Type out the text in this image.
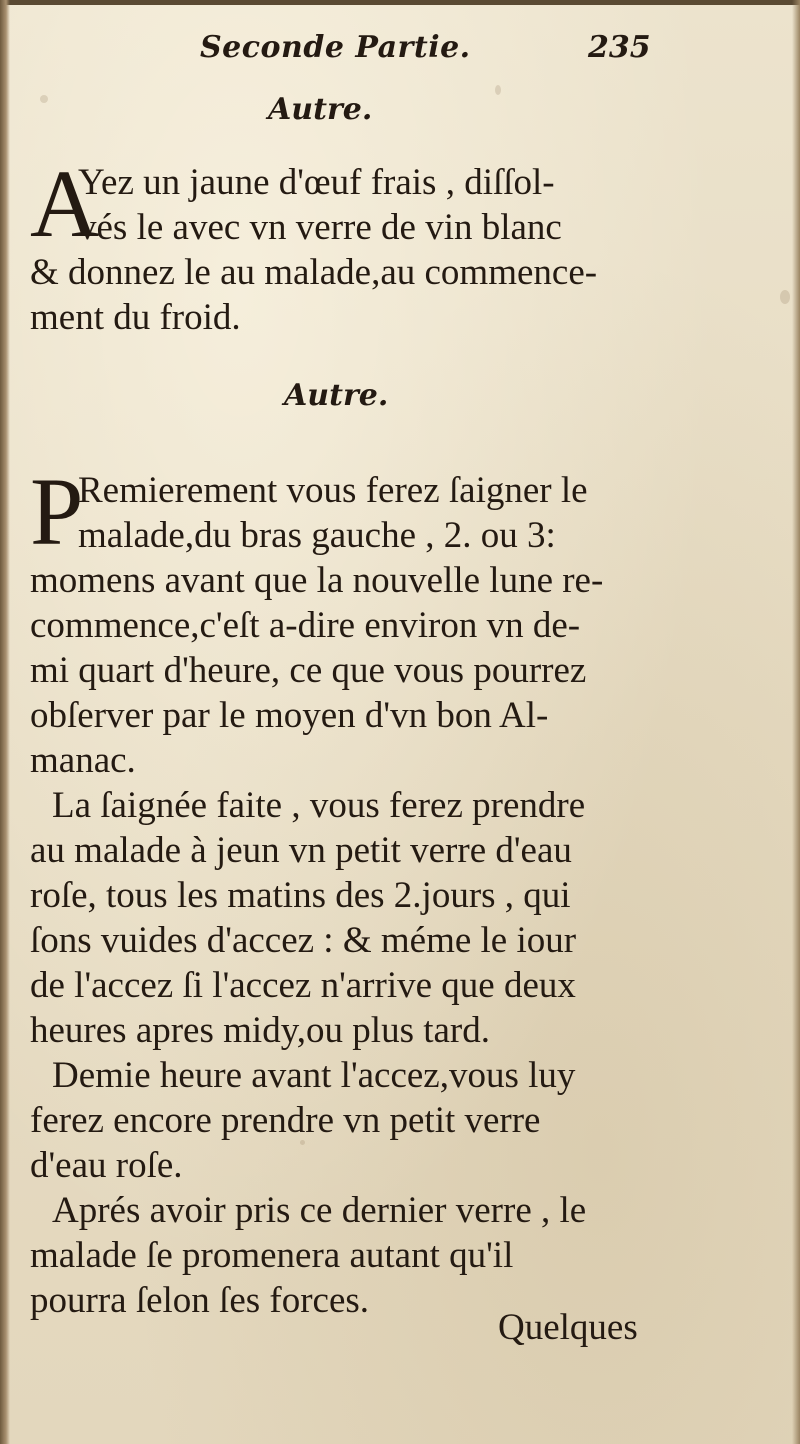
Seconde Partie.	235
Autre.
A
Yez un jaune d'œuf frais , diſſol-
vés le avec vn verre de vin blanc
& donnez le au malade,au commence-
ment du froid.
Autre.
P
Remierement vous ferez ſaigner le
malade,du bras gauche , 2. ou 3:
momens avant que la nouvelle lune re-
commence,c'eſt a-dire environ vn de-
mi quart d'heure, ce que vous pourrez
obſerver par le moyen d'vn bon Al-
manac.
La ſaignée faite , vous ferez prendre
au malade à jeun vn petit verre d'eau
roſe, tous les matins des 2.jours , qui
ſons vuides d'accez : & méme le iour
de l'accez ſi l'accez n'arrive que deux
heures apres midy,ou plus tard.
Demie heure avant l'accez,vous luy
ferez encore prendre vn petit verre
d'eau roſe.
Aprés avoir pris ce dernier verre , le
malade ſe promenera autant qu'il
pourra ſelon ſes forces.
Quelques
